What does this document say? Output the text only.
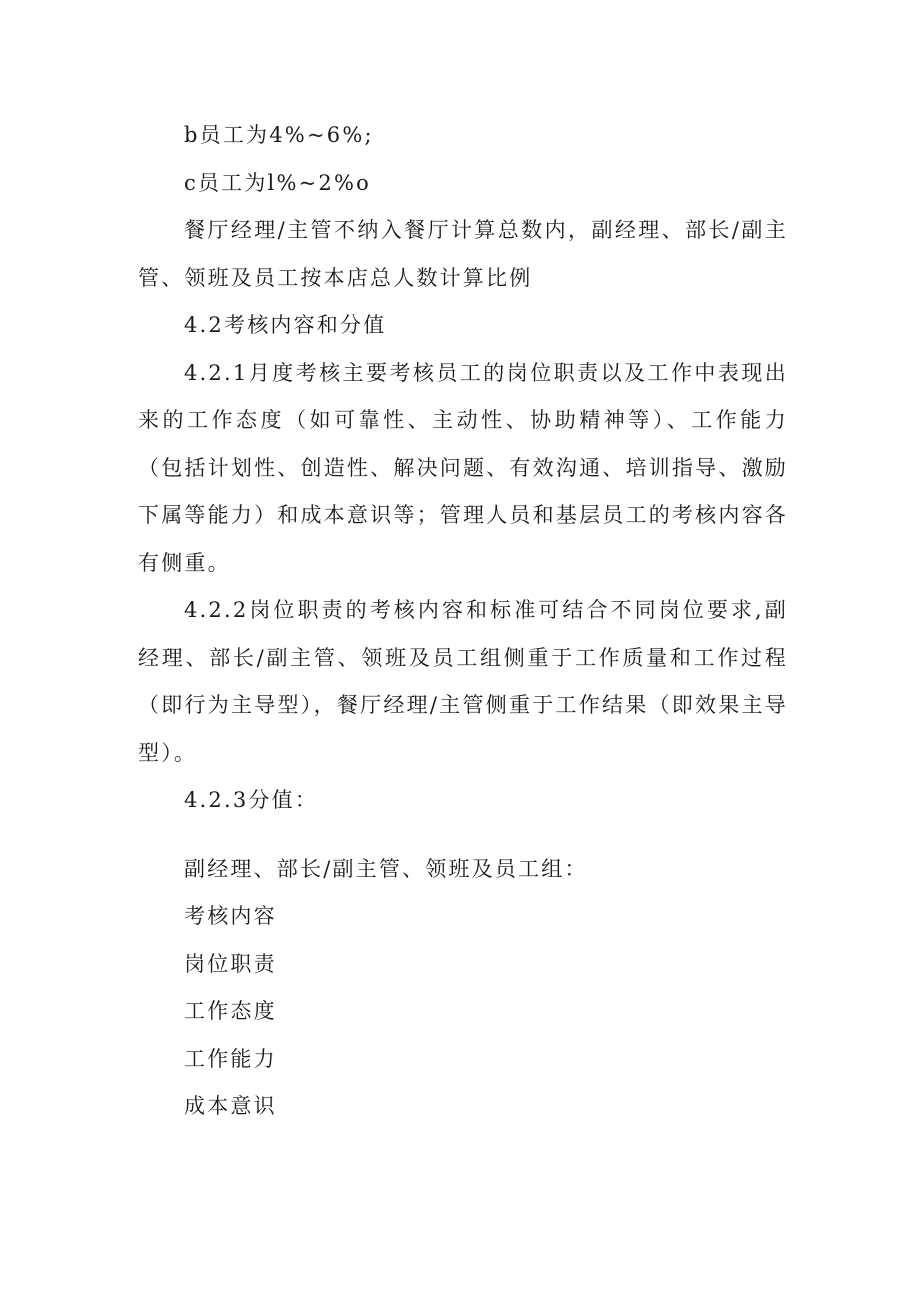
b员工为4%~6%;

c员工为l%~2%o

餐厅经理/主管不纳入餐厅计算总数内，副经理、部长/副主管、领班及员工按本店总人数计算比例

4.2考核内容和分值

4.2.1月度考核主要考核员工的岗位职责以及工作中表现出来的工作态度（如可靠性、主动性、协助精神等）、工作能力（包括计划性、创造性、解决问题、有效沟通、培训指导、激励下属等能力）和成本意识等；管理人员和基层员工的考核内容各有侧重。

4.2.2岗位职责的考核内容和标准可结合不同岗位要求,副经理、部长/副主管、领班及员工组侧重于工作质量和工作过程（即行为主导型），餐厅经理/主管侧重于工作结果（即效果主导型）。

4.2.3分值：

副经理、部长/副主管、领班及员工组：

考核内容

岗位职责

工作态度

工作能力

成本意识
